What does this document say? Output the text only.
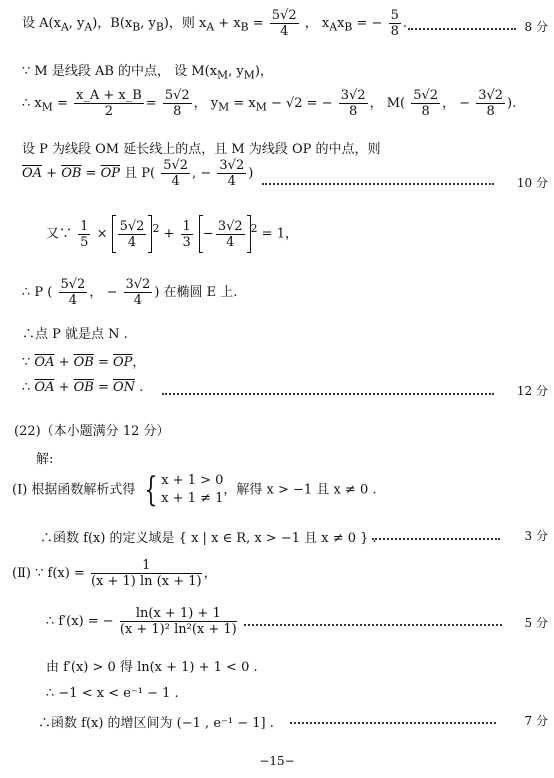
设 $A(x_A$, $y_A$)，$B(x_B$, $y_B$)，则 $x_A + x_B = \frac{5√2}{4}$ ， $x_Ax_B$ = − $\frac{5}{8}$ .	8 分
∵ M 是线段 AB 的中点， 设 $M(x_M$, $y_M$)，
∴ $x_M = \frac{x\_A + x\_B}{2} = \frac{5√2}{8}$ ， $y_M = x_M - √2$ = − $\frac{3√2}{8}$ ， $M( \frac{5√2}{8}$ ， − $\frac{3√2}{8}$ ).
设 P 为线段 OM 延长线上的点，且 M 为线段 OP 的中点，则
$\overline{OA} + \overline{OB} = \overline{OP}$ 且 $P( \frac{5√2}{4}$ , − $\frac{3√2}{4}$ )
10 分
又∵ $\frac{1}{5} \times \frac{5√2}{4} ^2 + \frac{1}{3} - \frac{3√2}{4} ^2 = 1$，
∴ P ( $\frac{5√2}{4}$ ， − $\frac{3√2}{4}$ ) 在椭圆 E 上.
∴点 P 就是点 N .
∵ $\overline{OA} + \overline{OB} = \overline{OP}$，
∴ $\overline{OA} + \overline{OB} = \overline{ON}$ .	12 分
(22)（本小题满分 12 分）
解:
(Ⅰ) 根据函数解析式得 { x + 1 > 0
x + 1 ≠ 1
，解得 x > −1 且 x ≠ 0 .
∴函数 f(x) 的定义域是 { x | x ∈ R, x > −1 且 x ≠ 0 } .	3 分
(Ⅱ) ∵ $f(x) = \frac{1}{(x + 1) \ln (x + 1)}$ ，
∴ f′(x) = − $\frac{\ln(x + 1) + 1}{\text{(x + 1)² ln²(x + 1)}}$	5 分
由 f′(x) > 0 得 ln(x + 1) + 1 < 0 .
∴ −1 < x < e⁻¹ − 1 .
∴函数 f(x) 的增区间为 (−1 , e⁻¹ − 1] .	7 分
−15−
